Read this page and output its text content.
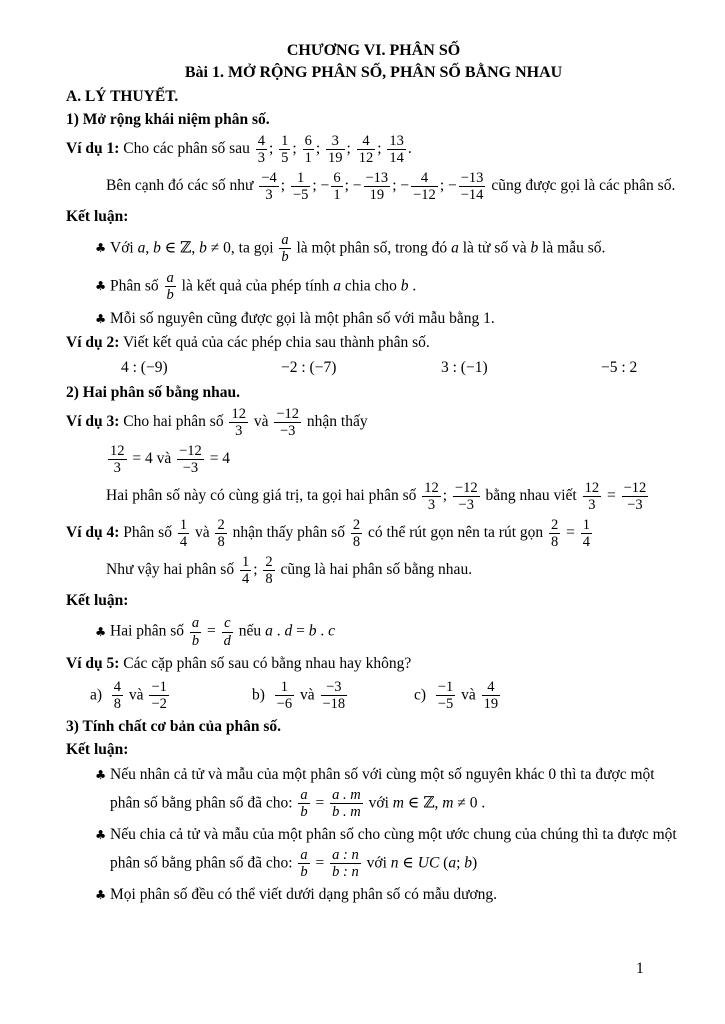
CHƯƠNG VI. PHÂN SỐ
Bài 1. MỞ RỘNG PHÂN SỐ, PHÂN SỐ BẰNG NHAU
A. LÝ THUYẾT.
1) Mở rộng khái niệm phân số.
Ví dụ 1: Cho các phân số sau $\frac{4}{3}$ ; $\frac{1}{5}$ ; $\frac{6}{1}$ ; $\frac{3}{19}$ ; $\frac{4}{12}$ ; $\frac{13}{14}$ .
Bên cạnh đó các số như $\frac{-4}{3}$ ; $\frac{1}{-5}$ ; − $\frac{6}{1}$ ; − $\frac{-13}{19}$ ; − $\frac{4}{-12}$ ; − $\frac{-13}{-14}$ cũng được gọi là các phân số.
Kết luận:
♣ Với a, b ∈ ℤ, b ≠ 0, ta gọi $\frac{a}{b}$ là một phân số, trong đó a là tử số và b là mẫu số.
♣ Phân số $\frac{a}{b}$ là kết quả của phép tính a chia cho b .
♣ Mỗi số nguyên cũng được gọi là một phân số với mẫu bằng 1.
Ví dụ 2: Viết kết quả của các phép chia sau thành phân số.
4 : (−9)	−2 : (−7)	3 : (−1)	−5 : 2
2) Hai phân số bằng nhau.
Ví dụ 3: Cho hai phân số $\frac{12}{3}$ và $\frac{-12}{-3}$ nhận thấy
$\frac{12}{3} = 4$ và $\frac{-12}{-3} = 4$
Hai phân số này có cùng giá trị, ta gọi hai phân số $\frac{12}{3}$ ; $\frac{-12}{-3}$ bằng nhau viết $\frac{12}{3} = \frac{-12}{-3}$
Ví dụ 4: Phân số $\frac{1}{4}$ và $\frac{2}{8}$ nhận thấy phân số $\frac{2}{8}$ có thể rút gọn nên ta rút gọn $\frac{2}{8} = \frac{1}{4}$
Như vậy hai phân số $\frac{1}{4}$ ; $\frac{2}{8}$ cũng là hai phân số bằng nhau.
Kết luận:
♣ Hai phân số $\frac{a}{b} = \frac{c}{d}$ nếu a . d = b . c
Ví dụ 5: Các cặp phân số sau có bằng nhau hay không?
$a) \frac{4}{8}$ và $\frac{-1}{-2}$	$b) \frac{1}{-6}$ và $\frac{-3}{-18}$	$c) \frac{-1}{-5}$ và $\frac{4}{19}$
3) Tính chất cơ bản của phân số.
Kết luận:
♣ Nếu nhân cả tử và mẫu của một phân số với cùng một số nguyên khác 0 thì ta được một phân số bằng phân số đã cho: $\frac{a}{b} = \frac{a . m}{b . m}$ với m ∈ ℤ, m ≠ 0 .
♣ Nếu chia cả tử và mẫu của một phân số cho cùng một ước chung của chúng thì ta được một phân số bằng phân số đã cho: $\frac{a}{b} = \frac{a : n}{b : n}$ với n ∈ UC (a; b)
♣ Mọi phân số đều có thể viết dưới dạng phân số có mẫu dương.
1
